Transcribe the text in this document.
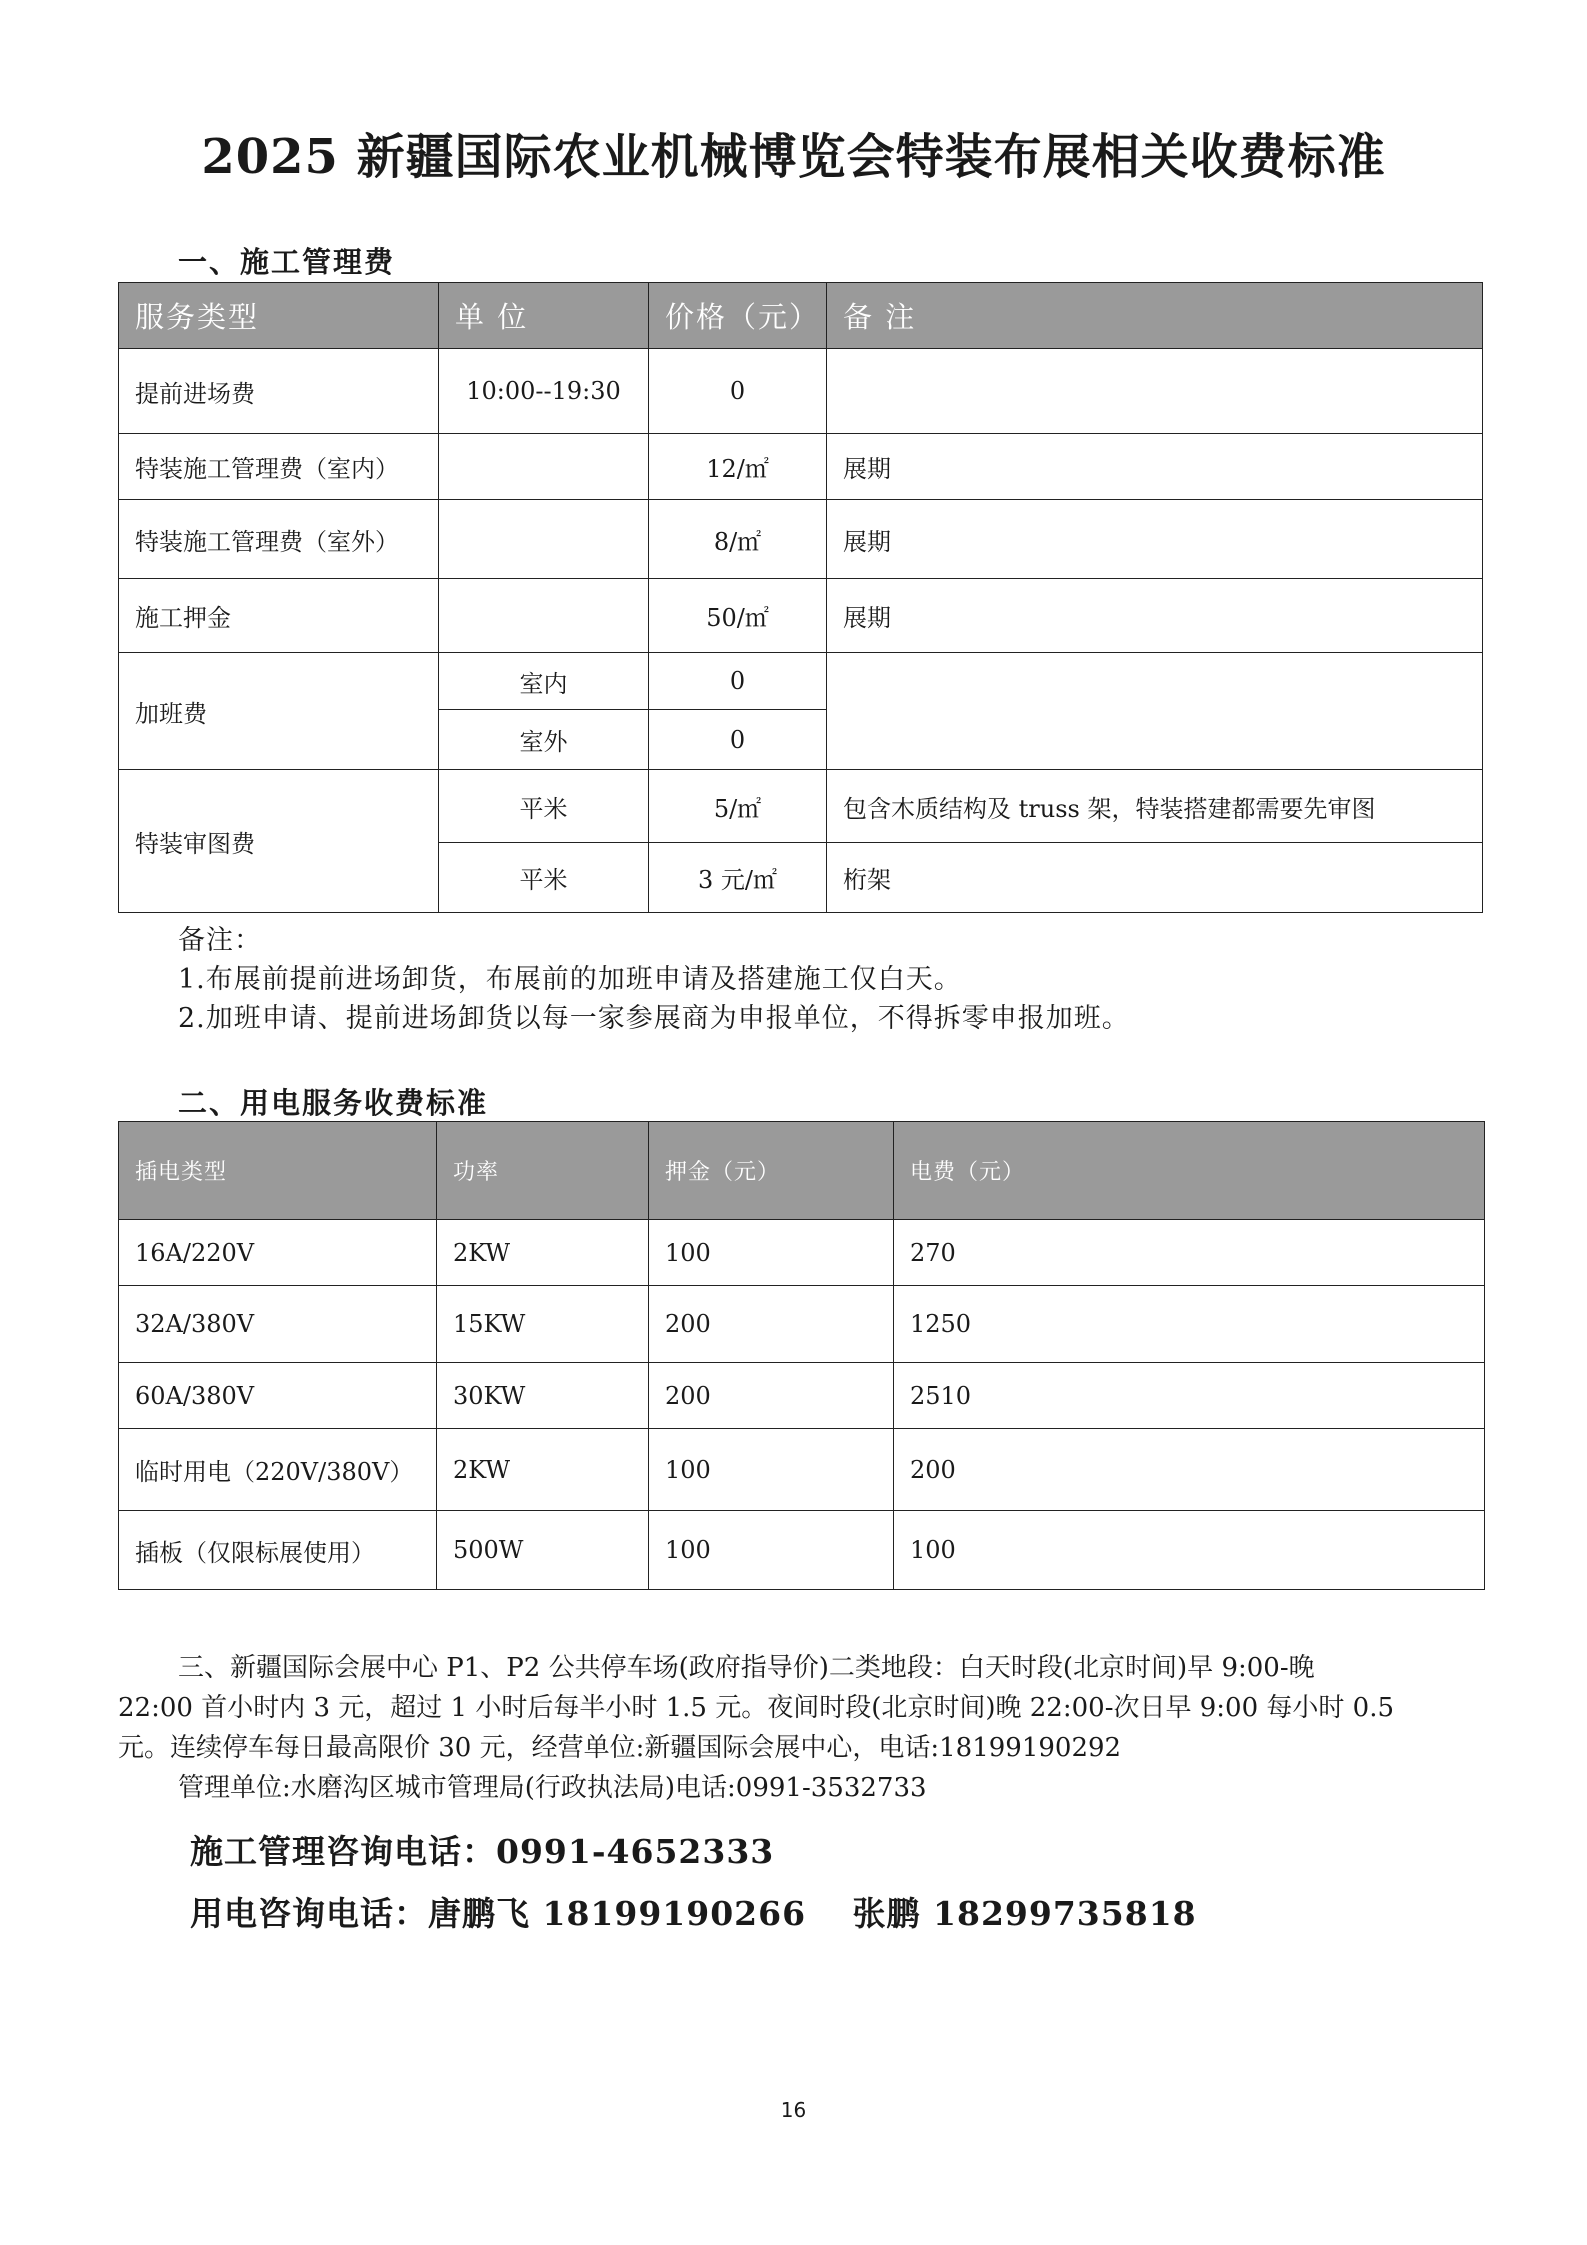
2025 新疆国际农业机械博览会特装布展相关收费标准
一、施工管理费
服务类型	单 位	价格（元）	备 注
提前进场费	10:00--19:30	0	
特装施工管理费（室内）		12/㎡	展期
特装施工管理费（室外）		8/㎡	展期
施工押金		50/㎡	展期
加班费	室内	0	
	室外	0	
特装审图费	平米	5/㎡	包含木质结构及 truss 架，特装搭建都需要先审图
	平米	3 元/㎡	桁架
备注：
1.布展前提前进场卸货，布展前的加班申请及搭建施工仅白天。
2.加班申请、提前进场卸货以每一家参展商为申报单位，不得拆零申报加班。
二、用电服务收费标准
插电类型	功率	押金（元）	电费（元）
16A/220V	2KW	100	270
32A/380V	15KW	200	1250
60A/380V	30KW	200	2510
临时用电（220V/380V）	2KW	100	200
插板（仅限标展使用）	500W	100	100
三、新疆国际会展中心 P1、P2 公共停车场(政府指导价)二类地段：白天时段(北京时间)早 9:00-晚
22:00 首小时内 3 元，超过 1 小时后每半小时 1.5 元。夜间时段(北京时间)晚 22:00-次日早 9:00 每小时 0.5
元。连续停车每日最高限价 30 元，经营单位:新疆国际会展中心，电话:18199190292
管理单位:水磨沟区城市管理局(行政执法局)电话:0991-3532733
施工管理咨询电话：0991-4652333
用电咨询电话：唐鹏飞 18199190266　 张鹏 18299735818
16
